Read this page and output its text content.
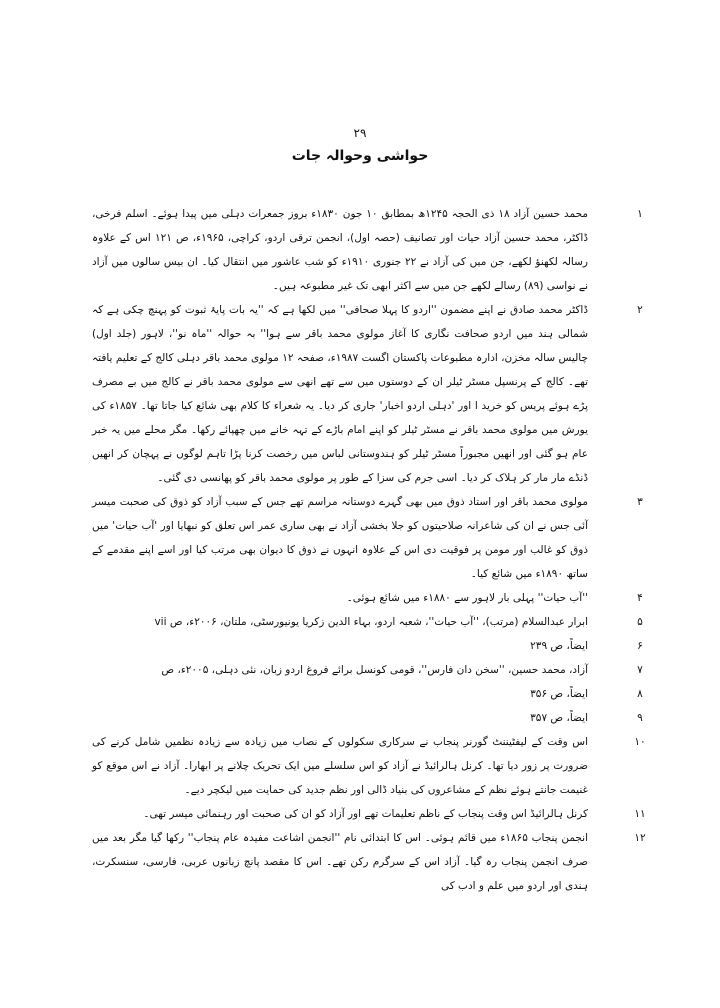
۲۹
حواشی وحوالہ جات
۱
محمد حسین آزاد ۱۸ ذی الحجہ ۱۲۴۵ھ بمطابق ۱۰ جون ۱۸۳۰ء بروز جمعرات دہلی میں پیدا ہوئے۔ اسلم فرخی، ڈاکٹر، محمد حسین آزاد حیات اور تصانیف (حصہ اول)، انجمن ترقی اردو، کراچی، ۱۹۶۵ء، ص ۱۲۱ اس کے علاوہ رسالہ لکھنؤ لکھے، جن میں کی آزاد نے ۲۲ جنوری ۱۹۱۰ء کو شب عاشور میں انتقال کیا۔ ان بیس سالوں میں آزاد نے نواسی (۸۹) رسالے لکھے جن میں سے اکثر ابھی تک غیر مطبوعہ ہیں۔
۲
ڈاکٹر محمد صادق نے اپنے مضمون ''اردو کا پہلا صحافی'' میں لکھا ہے کہ ''یہ بات پایۂ ثبوت کو پہنچ چکی ہے کہ شمالی ہند میں اردو صحافت نگاری کا آغاز مولوی محمد باقر سے ہوا'' بہ حوالہ ''ماہ نو''، لاہور (جلد اول) چالیس سالہ مخزن، ادارہ مطبوعات پاکستان اگست ۱۹۸۷ء، صفحہ ۱۲ مولوی محمد باقر دہلی کالج کے تعلیم یافتہ تھے۔ کالج کے پرنسپل مسٹر ٹیلر ان کے دوستوں میں سے تھے انھی سے مولوی محمد باقر نے کالج میں بے مصرف پڑے ہوئے پریس کو خرید ا اور 'دہلی اردو اخبار' جاری کر دیا۔ یہ شعراء کا کلام بھی شائع کیا جاتا تھا۔ ۱۸۵۷ء کی یورش میں مولوی محمد باقر نے مسٹر ٹیلر کو اپنے امام باڑے کے تہہ خانے میں چھپائے رکھا۔ مگر محلے میں یہ خبر عام ہو گئی اور انھیں مجبوراً مسٹر ٹیلر کو ہندوستانی لباس میں رخصت کرنا پڑا تاہم لوگوں نے پہچان کر انھیں ڈنڈے مار مار کر ہلاک کر دیا۔ اسی جرم کی سزا کے طور پر مولوی محمد باقر کو پھانسی دی گئی۔
۳
مولوی محمد باقر اور استاد ذوق میں بھی گہرے دوستانہ مراسم تھے جس کے سبب آزاد کو ذوق کی صحبت میسر آئی جس نے ان کی شاعرانہ صلاحیتوں کو جلا بخشی آزاد نے بھی ساری عمر اس تعلق کو نبھایا اور 'آب حیات' میں ذوق کو غالب اور مومن پر فوقیت دی اس کے علاوہ انہوں نے ذوق کا دیوان بھی مرتب کیا اور اسے اپنے مقدمے کے ساتھ ۱۸۹۰ء میں شائع کیا۔
۴
''آب حیات'' پہلی بار لاہور سے ۱۸۸۰ء میں شائع ہوئی۔
۵
ابرار عبدالسلام (مرتب)، ''آب حیات''، شعبہ اردو، بہاء الدین زکریا یونیورسٹی، ملتان، ۲۰۰۶ء، ص vii
۶
ایضاً، ص ۲۳۹
۷
آزاد، محمد حسین، ''سخن دان فارس''، قومی کونسل برائے فروغ اردو زبان، نئی دہلی، ۲۰۰۵ء، ص
۸
ایضاً، ص ۳۵۶
۹
ایضاً، ص ۳۵۷
۱۰
اس وقت کے لیفٹیننٹ گورنر پنجاب نے سرکاری سکولوں کے نصاب میں زیادہ سے زیادہ نظمیں شامل کرنے کی ضرورت پر زور دیا تھا۔ کرنل ہالرائیڈ نے آزاد کو اس سلسلے میں ایک تحریک چلانے پر ابھارا۔ آزاد نے اس موقع کو غنیمت جانتے ہوئے نظم کے مشاعروں کی بنیاد ڈالی اور نظم جدید کی حمایت میں لیکچر دیے۔
۱۱
کرنل ہالرائیڈ اس وقت پنجاب کے ناظم تعلیمات تھے اور آزاد کو ان کی صحبت اور رہنمائی میسر تھی۔
۱۲
انجمن پنجاب ۱۸۶۵ء میں قائم ہوئی۔ اس کا ابتدائی نام ''انجمن اشاعت مفیدہ عام پنجاب'' رکھا گیا مگر بعد میں صرف انجمن پنجاب رہ گیا۔ آزاد اس کے سرگرم رکن تھے۔ اس کا مقصد پانچ زبانوں عربی، فارسی، سنسکرت، ہندی اور اردو میں علم و ادب کی
